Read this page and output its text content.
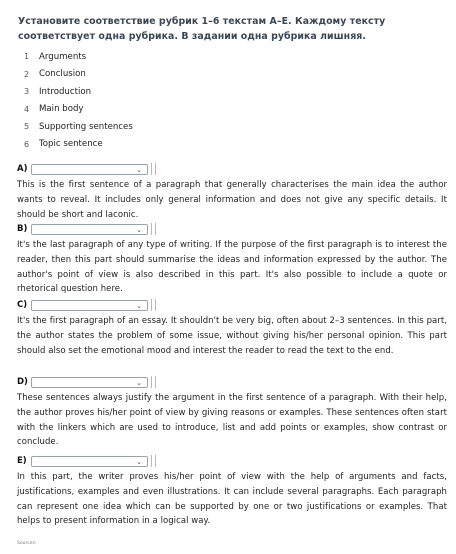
Установите соответствие рубрик 1–6 текстам А–Е. Каждому тексту соответствует одна рубрика. В задании одна рубрика лишняя.
1	Arguments
2	Conclusion
3	Introduction
4	Main body
5	Supporting sentences
6	Topic sentence
A)	⌄
This is the first sentence of a paragraph that generally characterises the main idea the author wants to reveal. It includes only general information and does not give any specific details. It should be short and laconic.
B)	⌄
It's the last paragraph of any type of writing. If the purpose of the first paragraph is to interest the reader, then this part should summarise the ideas and information expressed by the author. The author's point of view is also described in this part. It's also possible to include a quote or rhetorical question here.
C)	⌄
It's the first paragraph of an essay. It shouldn't be very big, often about 2–3 sentences. In this part, the author states the problem of some issue, without giving his/her personal opinion. This part should also set the emotional mood and interest the reader to read the text to the end.
D)	⌄
These sentences always justify the argument in the first sentence of a paragraph. With their help, the author proves his/her point of view by giving reasons or examples. These sentences often start with the linkers which are used to introduce, list and add points or examples, show contrast or conclude.
E)	⌄
In this part, the writer proves his/her point of view with the help of arguments and facts, justifications, examples and even illustrations. It can include several paragraphs. Each paragraph can represent one idea which can be supported by one or two justifications or examples. That helps to present information in a logical way.
Sources:
